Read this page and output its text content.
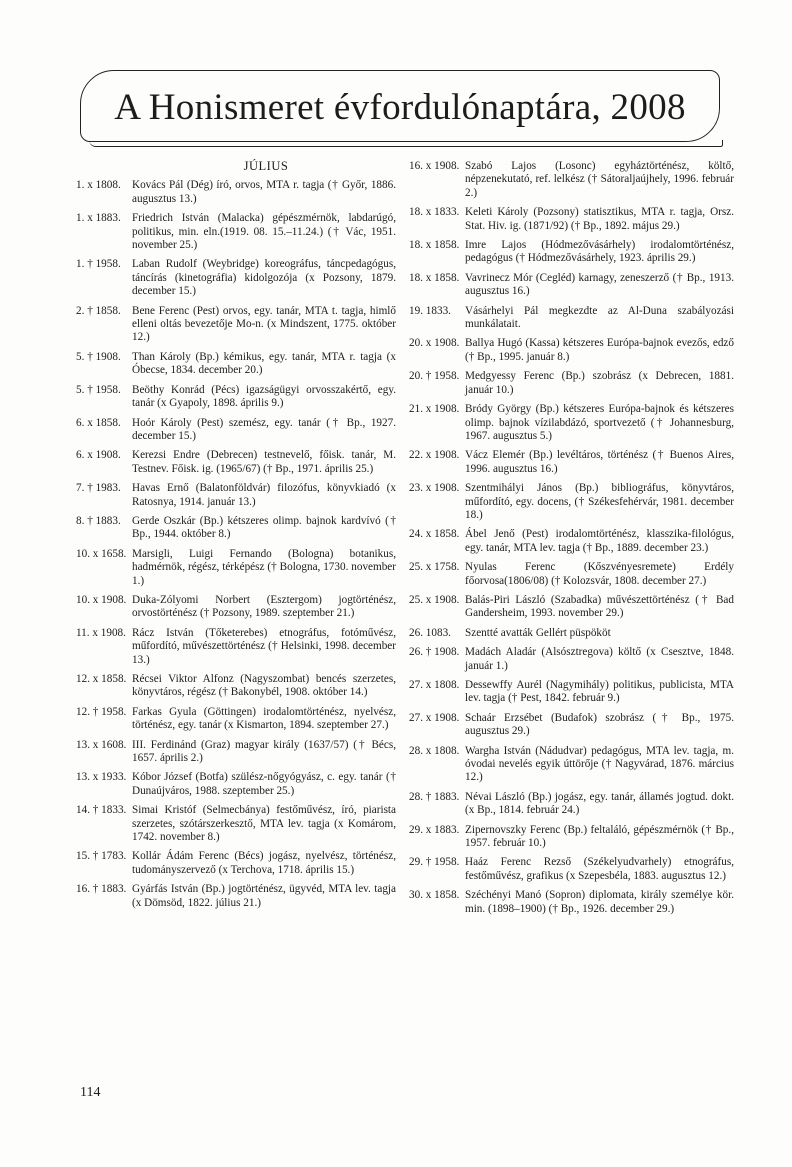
A Honismeret évfordulónaptára, 2008
JÚLIUS
1. x 1808.	Kovács Pál (Dég) író, orvos, MTA r. tagja († Győr, 1886. augusztus 13.)
1. x 1883.	Friedrich István (Malacka) gépészmérnök, labdarúgó, politikus, min. eln.(1919. 08. 15.–11.24.) († Vác, 1951. november 25.)
1. † 1958.	Laban Rudolf (Weybridge) koreográfus, táncpedagógus, táncírás (kinetográfia) kidolgozója (x Pozsony, 1879. december 15.)
2. † 1858.	Bene Ferenc (Pest) orvos, egy. tanár, MTA t. tagja, himlő elleni oltás bevezetője Mo-n. (x Mindszent, 1775. október 12.)
5. † 1908.	Than Károly (Bp.) kémikus, egy. tanár, MTA r. tagja (x Óbecse, 1834. december 20.)
5. † 1958.	Beöthy Konrád (Pécs) igazságügyi orvosszakértő, egy. tanár (x Gyapoly, 1898. április 9.)
6. x 1858.	Hoór Károly (Pest) szemész, egy. tanár († Bp., 1927. december 15.)
6. x 1908.	Kerezsi Endre (Debrecen) testnevelő, főisk. tanár, M. Testnev. Főisk. ig. (1965/67) († Bp., 1971. április 25.)
7. † 1983.	Havas Ernő (Balatonföldvár) filozófus, könyvkiadó (x Ratosnya, 1914. január 13.)
8. † 1883.	Gerde Oszkár (Bp.) kétszeres olimp. bajnok kardvívó († Bp., 1944. október 8.)
10. x 1658. Marsigli, Luigi Fernando (Bologna) botanikus, hadmérnök, régész, térképész († Bologna, 1730. november 1.)
10. x 1908. Duka-Zólyomi Norbert (Esztergom) jogtörténész, orvostörténész († Pozsony, 1989. szeptember 21.)
11. x 1908. Rácz István (Tőketerebes) etnográfus, fotóművész, műfordító, művészettörténész († Helsinki, 1998. december 13.)
12. x 1858. Récsei Viktor Alfonz (Nagyszombat) bencés szerzetes, könyvtáros, régész († Bakonybél, 1908. október 14.)
12. † 1958. Farkas Gyula (Göttingen) irodalomtörténész, nyelvész, történész, egy. tanár (x Kismarton, 1894. szeptember 27.)
13. x 1608. III. Ferdinánd (Graz) magyar király (1637/57) († Bécs, 1657. április 2.)
13. x 1933. Kóbor József (Botfa) szülész-nőgyógyász, c. egy. tanár († Dunaújváros, 1988. szeptember 25.)
14. † 1833. Simai Kristóf (Selmecbánya) festőművész, író, piarista szerzetes, szótárszerkesztő, MTA lev. tagja (x Komárom, 1742. november 8.)
15. † 1783. Kollár Ádám Ferenc (Bécs) jogász, nyelvész, történész, tudományszervező (x Terchova, 1718. április 15.)
16. † 1883. Gyárfás István (Bp.) jogtörténész, ügyvéd, MTA lev. tagja (x Dömsöd, 1822. július 21.)
16. x 1908. Szabó Lajos (Losonc) egyháztörténész, költő, népzenekutató, ref. lelkész († Sátoraljaújhely, 1996. február 2.)
18. x 1833. Keleti Károly (Pozsony) statisztikus, MTA r. tagja, Orsz. Stat. Hiv. ig. (1871/92) († Bp., 1892. május 29.)
18. x 1858. Imre Lajos (Hódmezővásárhely) irodalomtörténész, pedagógus († Hódmezővásárhely, 1923. április 29.)
18. x 1858. Vavrinecz Mór (Cegléd) karnagy, zeneszerző († Bp., 1913. augusztus 16.)
19. 1833.	Vásárhelyi Pál megkezdte az Al-Duna szabályozási munkálatait.
20. x 1908. Ballya Hugó (Kassa) kétszeres Európa-bajnok evezős, edző († Bp., 1995. január 8.)
20. † 1958. Medgyessy Ferenc (Bp.) szobrász (x Debrecen, 1881. január 10.)
21. x 1908. Bródy György (Bp.) kétszeres Európa-bajnok és kétszeres olimp. bajnok vízilabdázó, sportvezető († Johannesburg, 1967. augusztus 5.)
22. x 1908. Vácz Elemér (Bp.) levéltáros, történész († Buenos Aires, 1996. augusztus 16.)
23. x 1908. Szentmihályi János (Bp.) bibliográfus, könyvtáros, műfordító, egy. docens, († Székesfehérvár, 1981. december 18.)
24. x 1858. Ábel Jenő (Pest) irodalomtörténész, klasszika-filológus, egy. tanár, MTA lev. tagja († Bp., 1889. december 23.)
25. x 1758. Nyulas Ferenc (Kőszvényesremete) Erdély főorvosa(1806/08) († Kolozsvár, 1808. december 27.)
25. x 1908. Balás-Piri László (Szabadka) művészettörténész († Bad Gandersheim, 1993. november 29.)
26. 1083.	Szentté avatták Gellért püspököt
26. † 1908. Madách Aladár (Alsósztregova) költő (x Csesztve, 1848. január 1.)
27. x 1808. Dessewffy Aurél (Nagymihály) politikus, publicista, MTA lev. tagja († Pest, 1842. február 9.)
27. x 1908. Schaár Erzsébet (Budafok) szobrász († Bp., 1975. augusztus 29.)
28. x 1808. Wargha István (Nádudvar) pedagógus, MTA lev. tagja, m. óvodai nevelés egyik úttörője († Nagyvárad, 1876. március 12.)
28. † 1883. Névai László (Bp.) jogász, egy. tanár, államés jogtud. dokt. (x Bp., 1814. február 24.)
29. x 1883. Zipernovszky Ferenc (Bp.) feltaláló, gépészmérnök († Bp., 1957. február 10.)
29. † 1958. Haáz Ferenc Rezső (Székelyudvarhely) etnográfus, festőművész, grafikus (x Szepesbéla, 1883. augusztus 12.)
30. x 1858. Széchényi Manó (Sopron) diplomata, király személye kör. min. (1898–1900) († Bp., 1926. december 29.)
114
